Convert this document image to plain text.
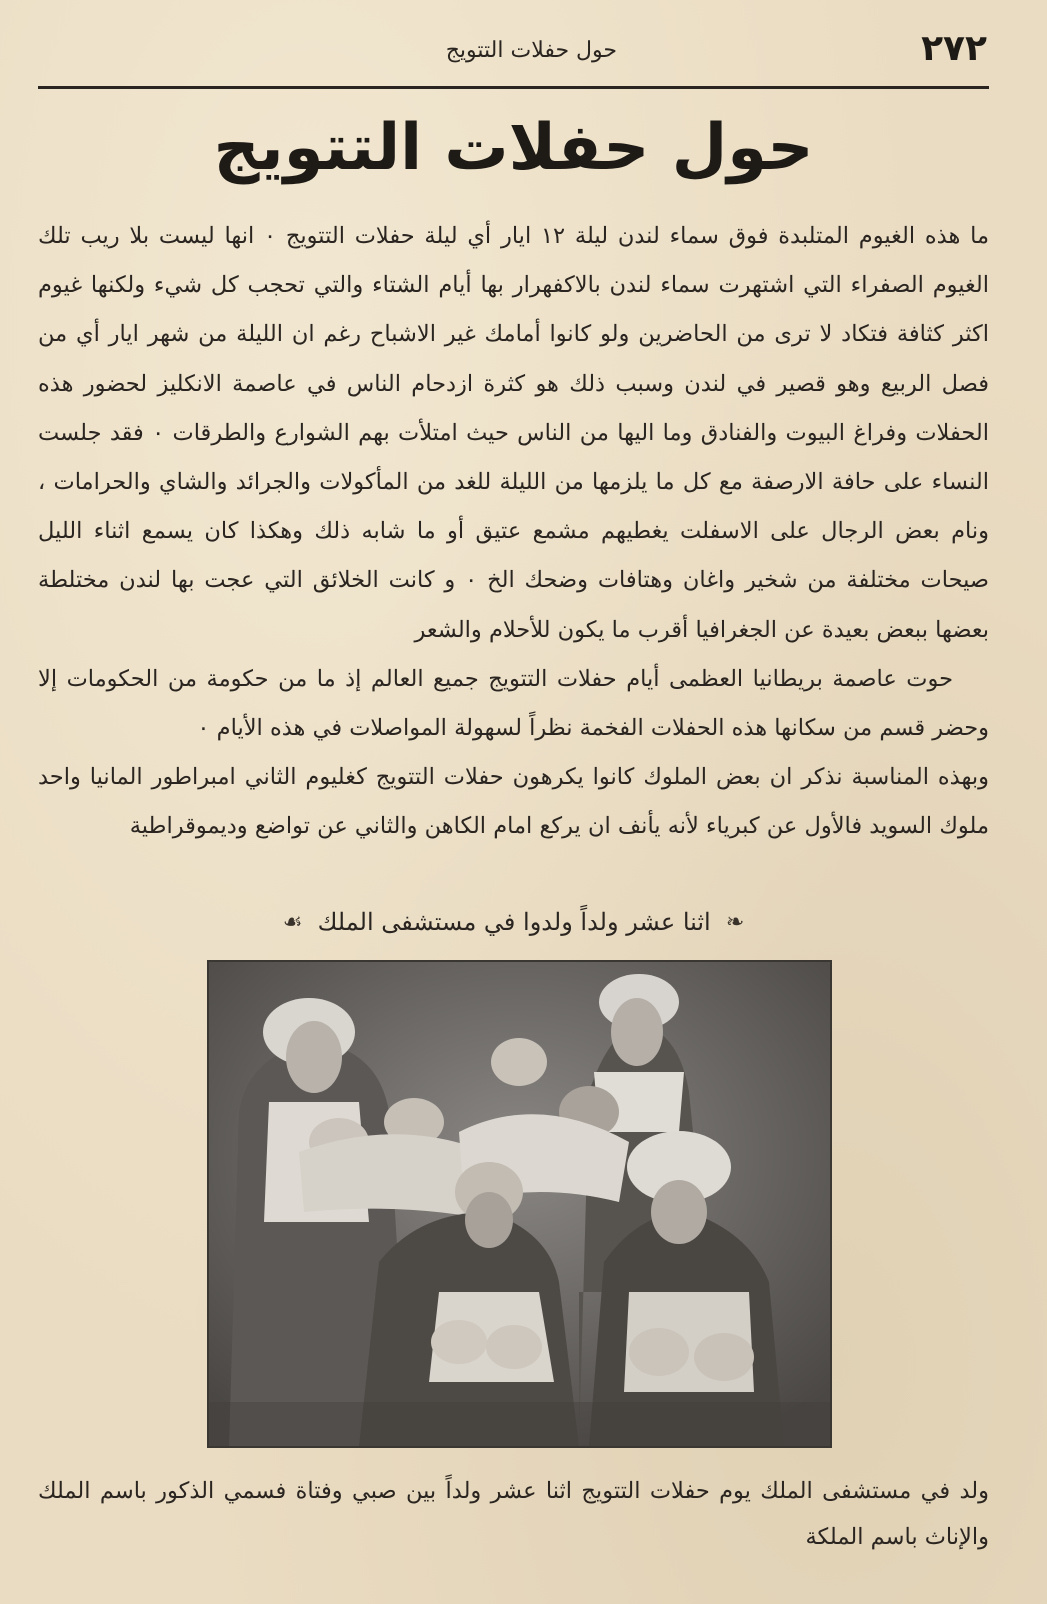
٢٧٢
حول حفلات التتويج
حول حفلات التتويج

ما هذه الغيوم المتلبدة فوق سماء لندن ليلة ١٢ ايار أي ليلة حفلات التتويج ٠ انها ليست بلا ريب تلك الغيوم الصفراء التي اشتهرت سماء لندن بالاكفهرار بها أيام الشتاء والتي تحجب كل شيء ولكنها غيوم اكثر كثافة فتكاد لا ترى من الحاضرين ولو كانوا أمامك غير الاشباح رغم ان الليلة من شهر ايار أي من فصل الربيع وهو قصير في لندن وسبب ذلك هو كثرة ازدحام الناس في عاصمة الانكليز لحضور هذه الحفلات وفراغ البيوت والفنادق وما اليها من الناس حيث امتلأت بهم الشوارع والطرقات ٠ فقد جلست النساء على حافة الارصفة مع كل ما يلزمها من الليلة للغد من المأكولات والجرائد والشاي والحرامات ، ونام بعض الرجال على الاسفلت يغطيهم مشمع عتيق أو ما شابه ذلك وهكذا كان يسمع اثناء الليل صيحات مختلفة من شخير واغان وهتافات وضحك الخ ٠ و كانت الخلائق التي عجت بها لندن مختلطة بعضها ببعض بعيدة عن الجغرافيا أقرب ما يكون للأحلام والشعر

حوت عاصمة بريطانيا العظمى أيام حفلات التتويج جميع العالم إذ ما من حكومة من الحكومات إلا وحضر قسم من سكانها هذه الحفلات الفخمة نظراً لسهولة المواصلات في هذه الأيام ٠

وبهذه المناسبة نذكر ان بعض الملوك كانوا يكرهون حفلات التتويج كغليوم الثاني امبراطور المانيا واحد ملوك السويد فالأول عن كبرياء لأنه يأنف ان يركع امام الكاهن والثاني عن تواضع وديموقراطية

❧ اثنا عشر ولداً ولدوا في مستشفى الملك ☙

ولد في مستشفى الملك يوم حفلات التتويج اثنا عشر ولداً بين صبي وفتاة فسمي الذكور باسم الملك والإناث باسم الملكة
